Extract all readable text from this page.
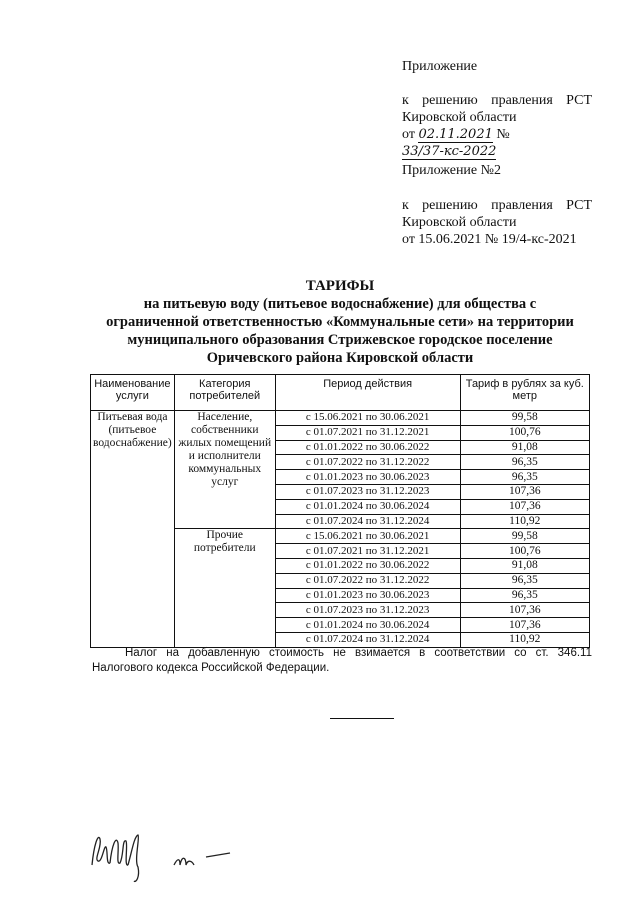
Приложение
к решению правления РСТ
Кировской области
от 02.11.2021 № 33/37-кс-2022
Приложение №2
к решению правления РСТ
Кировской области
от 15.06.2021 № 19/4-кс-2021
ТАРИФЫ
на питьевую воду (питьевое водоснабжение) для общества с
ограниченной ответственностью «Коммунальные сети» на территории
муниципального образования Стрижевское городское поселение
Оричевского района Кировской области
Наименование услуги	Категория потребителей	Период действия	Тариф в рублях за куб. метр
Питьевая вода (питьевое водоснабжение)	Население, собственники жилых помещений и исполнители коммунальных услуг	с 15.06.2021 по 30.06.2021	99,58
		с 01.07.2021 по 31.12.2021	100,76
		с 01.01.2022 по 30.06.2022	91,08
		с 01.07.2022 по 31.12.2022	96,35
		с 01.01.2023 по 30.06.2023	96,35
		с 01.07.2023 по 31.12.2023	107,36
		с 01.01.2024 по 30.06.2024	107,36
		с 01.07.2024 по 31.12.2024	110,92
	Прочие потребители	с 15.06.2021 по 30.06.2021	99,58
		с 01.07.2021 по 31.12.2021	100,76
		с 01.01.2022 по 30.06.2022	91,08
		с 01.07.2022 по 31.12.2022	96,35
		с 01.01.2023 по 30.06.2023	96,35
		с 01.07.2023 по 31.12.2023	107,36
		с 01.01.2024 по 30.06.2024	107,36
		с 01.07.2024 по 31.12.2024	110,92
Налог на добавленную стоимость не взимается в соответствии со ст. 346.11
Налогового кодекса Российской Федерации.
